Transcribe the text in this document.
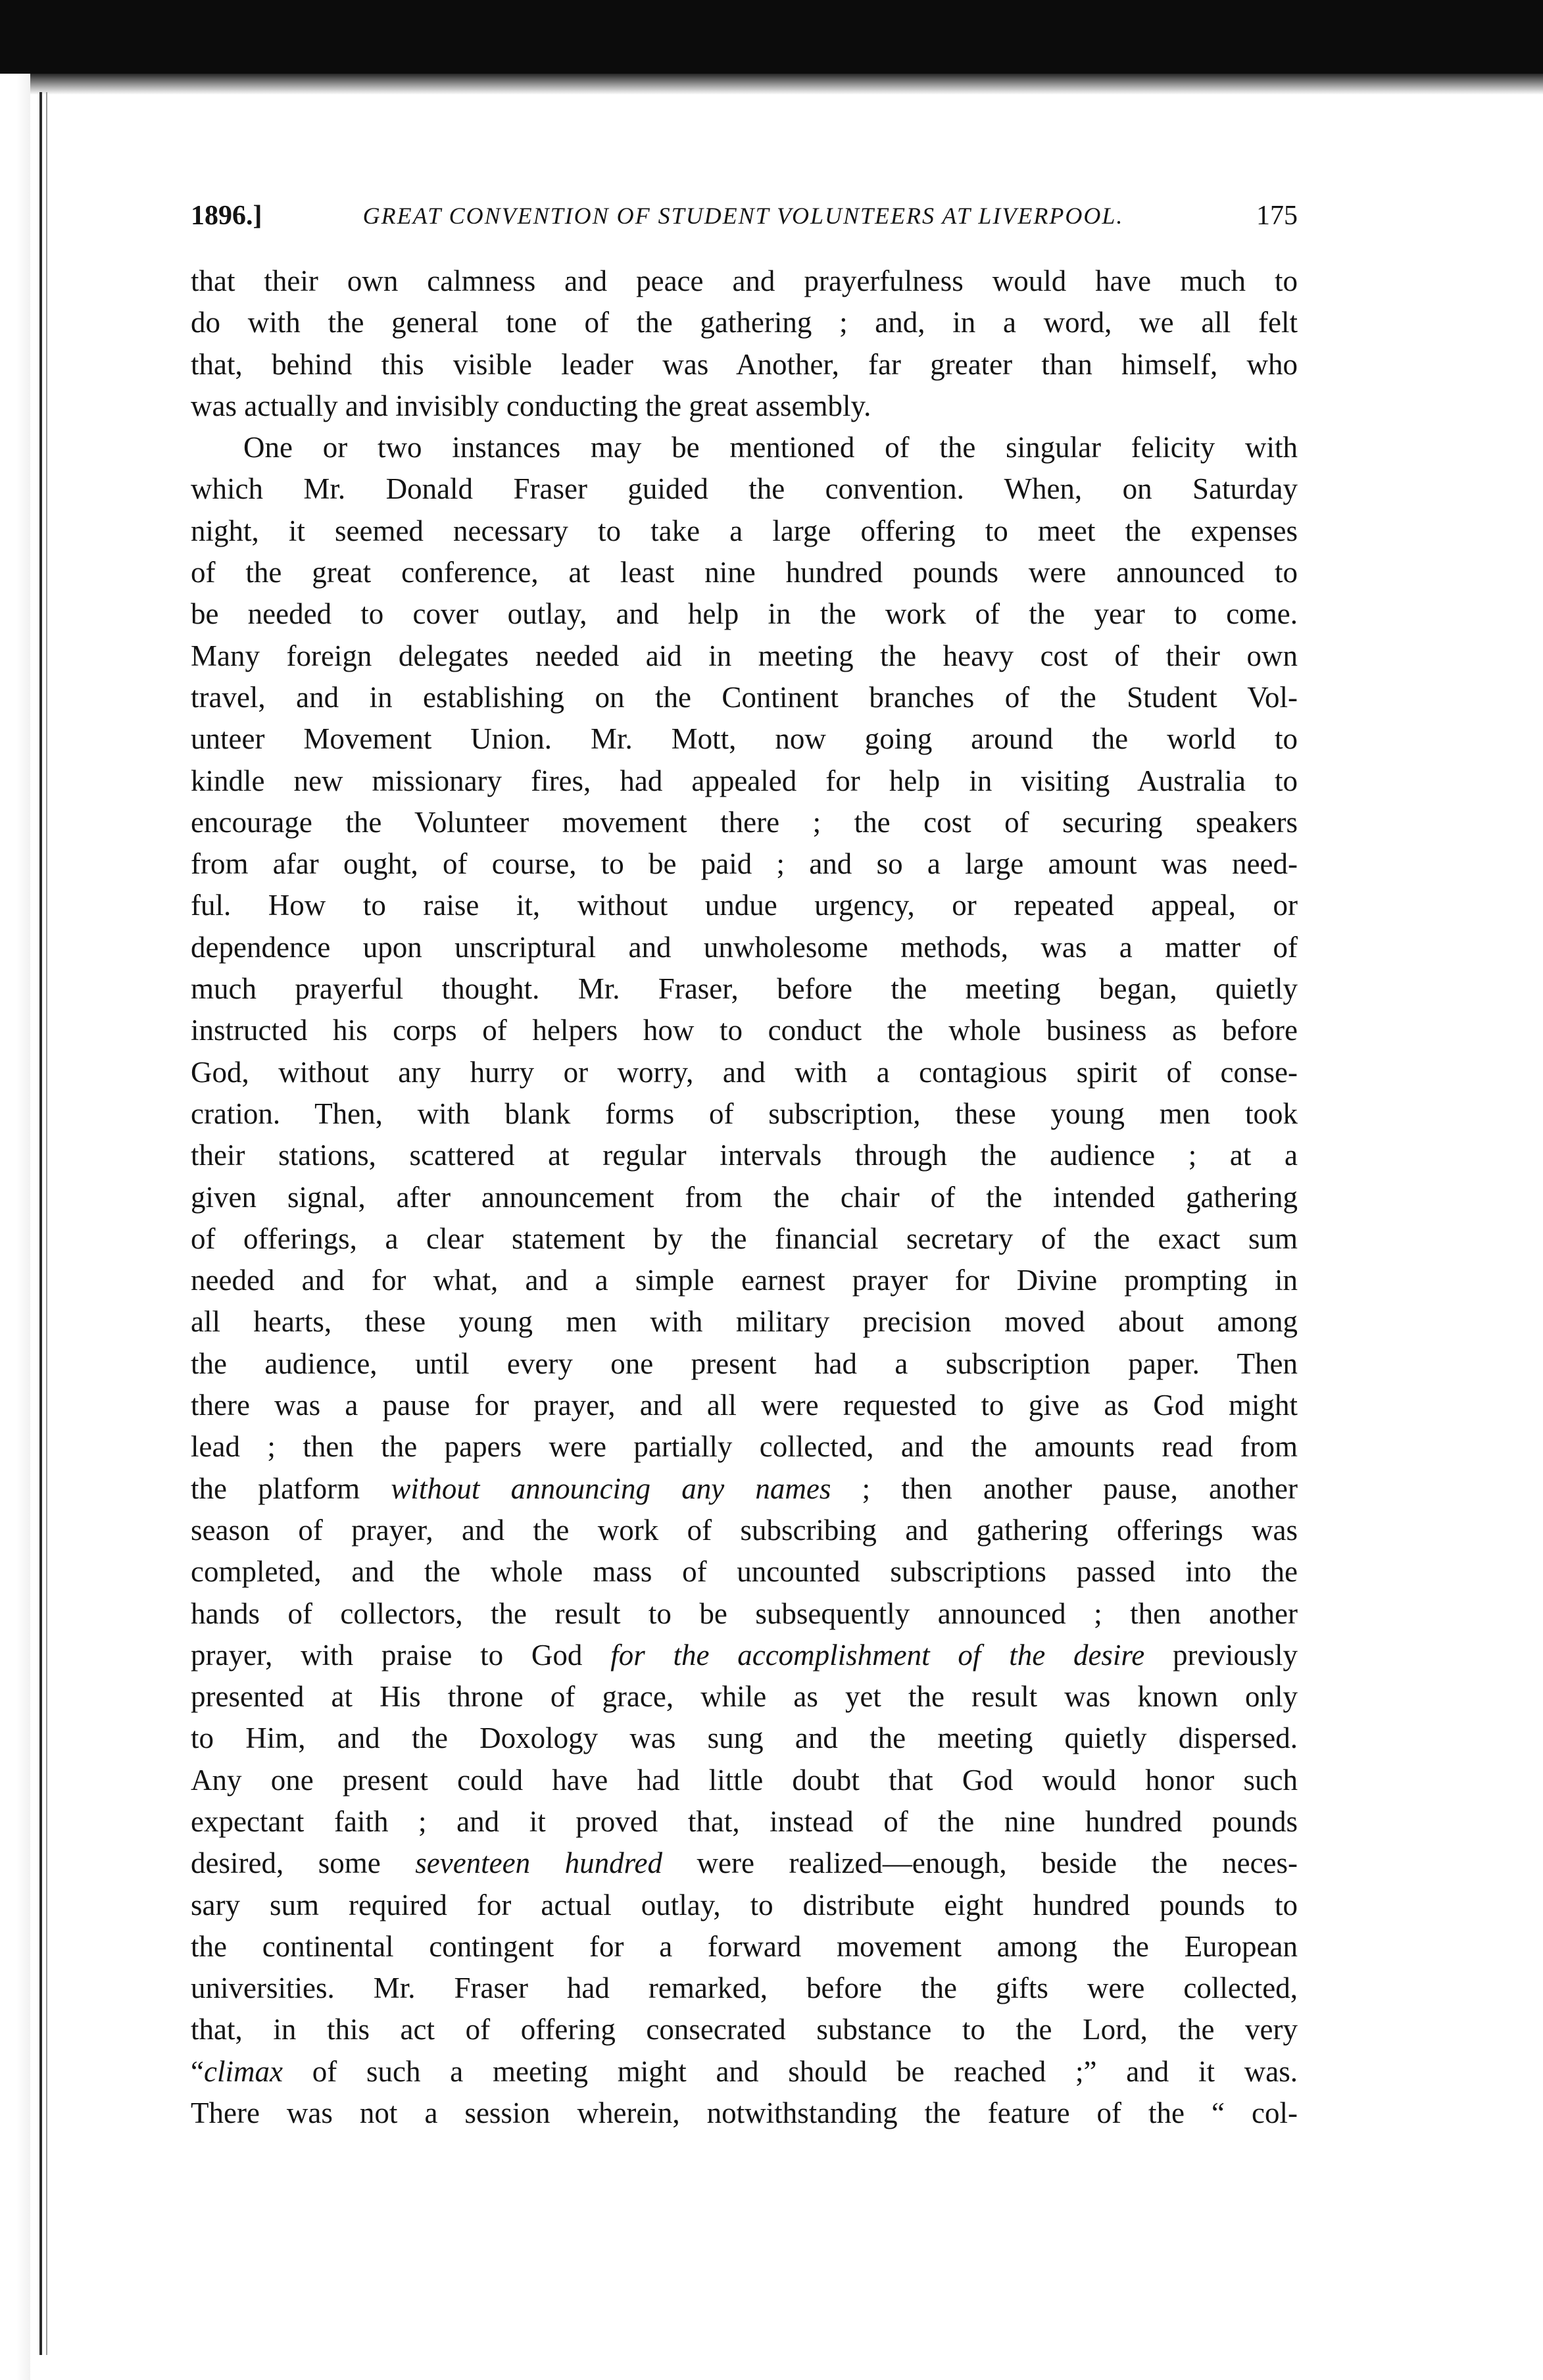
1896.]	GREAT CONVENTION OF STUDENT VOLUNTEERS AT LIVERPOOL.	175
that their own calmness and peace and prayerfulness would have much to
do with the general tone of the gathering ; and, in a word, we all felt
that, behind this visible leader was Another, far greater than himself, who
was actually and invisibly conducting the great assembly.
One or two instances may be mentioned of the singular felicity with
which Mr. Donald Fraser guided the convention. When, on Saturday
night, it seemed necessary to take a large offering to meet the expenses
of the great conference, at least nine hundred pounds were announced to
be needed to cover outlay, and help in the work of the year to come.
Many foreign delegates needed aid in meeting the heavy cost of their own
travel, and in establishing on the Continent branches of the Student Vol-
unteer Movement Union. Mr. Mott, now going around the world to
kindle new missionary fires, had appealed for help in visiting Australia to
encourage the Volunteer movement there ; the cost of securing speakers
from afar ought, of course, to be paid ; and so a large amount was need-
ful. How to raise it, without undue urgency, or repeated appeal, or
dependence upon unscriptural and unwholesome methods, was a matter of
much prayerful thought. Mr. Fraser, before the meeting began, quietly
instructed his corps of helpers how to conduct the whole business as before
God, without any hurry or worry, and with a contagious spirit of conse-
cration. Then, with blank forms of subscription, these young men took
their stations, scattered at regular intervals through the audience ; at a
given signal, after announcement from the chair of the intended gathering
of offerings, a clear statement by the financial secretary of the exact sum
needed and for what, and a simple earnest prayer for Divine prompting in
all hearts, these young men with military precision moved about among
the audience, until every one present had a subscription paper. Then
there was a pause for prayer, and all were requested to give as God might
lead ; then the papers were partially collected, and the amounts read from
the platform without announcing any names ; then another pause, another
season of prayer, and the work of subscribing and gathering offerings was
completed, and the whole mass of uncounted subscriptions passed into the
hands of collectors, the result to be subsequently announced ; then another
prayer, with praise to God for the accomplishment of the desire previously
presented at His throne of grace, while as yet the result was known only
to Him, and the Doxology was sung and the meeting quietly dispersed.
Any one present could have had little doubt that God would honor such
expectant faith ; and it proved that, instead of the nine hundred pounds
desired, some seventeen hundred were realized—enough, beside the neces-
sary sum required for actual outlay, to distribute eight hundred pounds to
the continental contingent for a forward movement among the European
universities. Mr. Fraser had remarked, before the gifts were collected,
that, in this act of offering consecrated substance to the Lord, the very
“climax of such a meeting might and should be reached ;” and it was.
There was not a session wherein, notwithstanding the feature of the “ col-
